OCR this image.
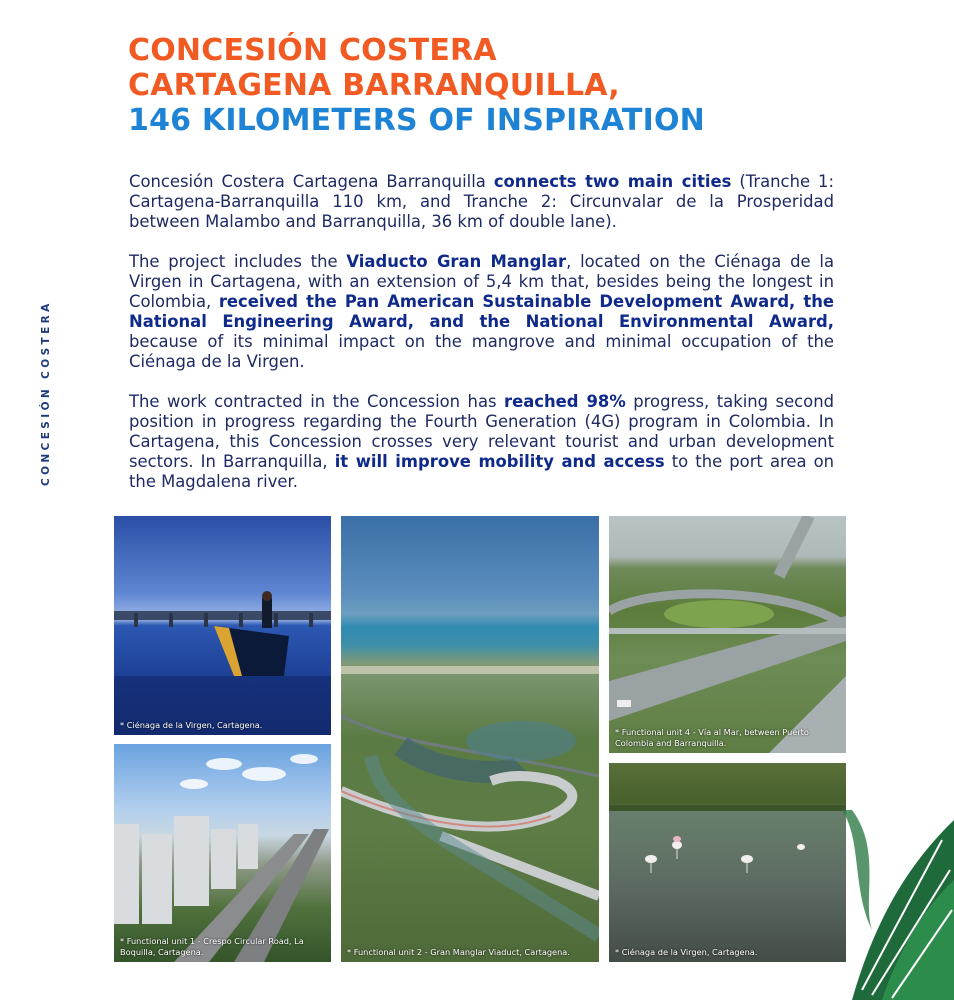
CONCESIÓN COSTERA
CARTAGENA BARRANQUILLA,
146 KILOMETERS OF INSPIRATION
CONCESIÓN COSTERA

Concesión Costera Cartagena Barranquilla connects two main cities (Tranche 1: Cartagena-Barranquilla 110 km, and Tranche 2: Circunvalar de la Prosperidad between Malambo and Barranquilla, 36 km of double lane).

The project includes the Viaducto Gran Manglar, located on the Ciénaga de la Virgen in Cartagena, with an extension of 5,4 km that, besides being the longest in Colombia, received the Pan American Sustainable Development Award, the National Engineering Award, and the National Environmental Award, because of its minimal impact on the mangrove and minimal occupation of the Ciénaga de la Virgen.

The work contracted in the Concession has reached 98% progress, taking second position in progress regarding the Fourth Generation (4G) program in Colombia. In Cartagena, this Concession crosses very relevant tourist and urban development sectors. In Barranquilla, it will improve mobility and access to the port area on the Magdalena river.

* Ciénaga de la Virgen, Cartagena.
* Functional unit 1 - Crespo Circular Road, La Boquilla, Cartagena.	* Functional unit 2 - Gran Manglar Viaduct, Cartagena.
* Functional unit 4 - Vía al Mar, between Puerto Colombia and Barranquilla.
* Ciénaga de la Virgen, Cartagena.
